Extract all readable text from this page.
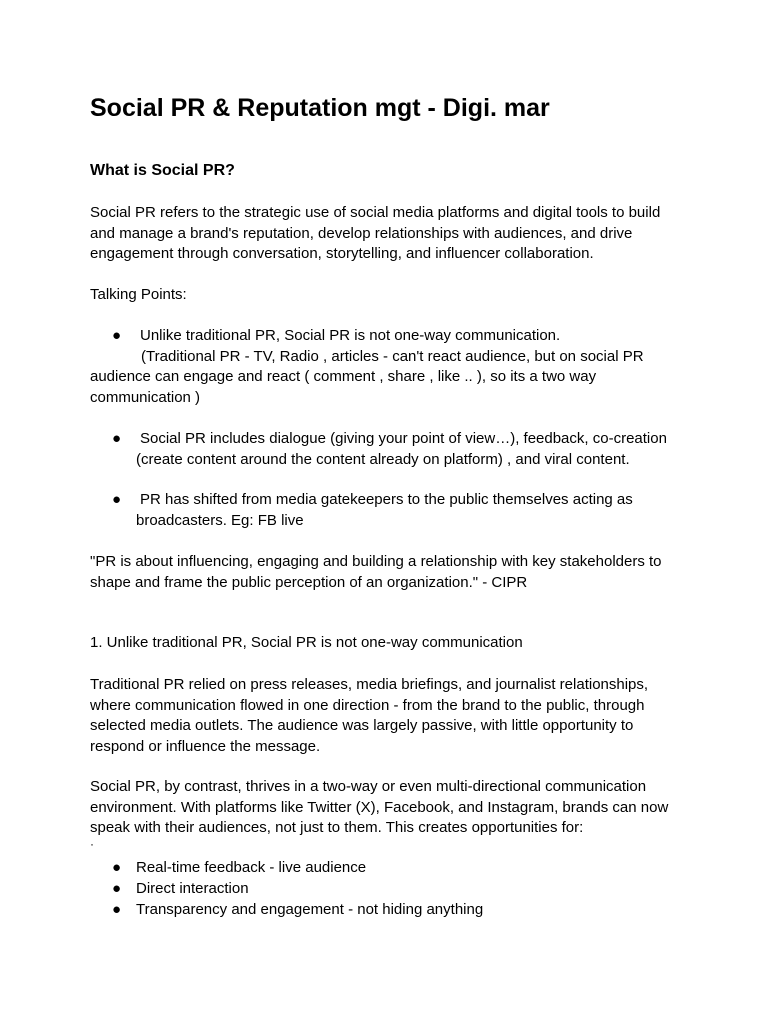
Social PR & Reputation mgt - Digi. mar
What is Social PR?

Social PR refers to the strategic use of social media platforms and digital tools to build
and manage a brand's reputation, develop relationships with audiences, and drive
engagement through conversation, storytelling, and influencer collaboration.

Talking Points:

● Unlike traditional PR, Social PR is not one-way communication.
(Traditional PR - TV, Radio , articles - can't react audience, but on social PR
audience can engage and react ( comment , share , like .. ), so its a two way
communication )
● Social PR includes dialogue (giving your point of view…), feedback, co-creation
(create content around the content already on platform) , and viral content.
● PR has shifted from media gatekeepers to the public themselves acting as
broadcasters. Eg: FB live

"PR is about influencing, engaging and building a relationship with key stakeholders to
shape and frame the public perception of an organization." - CIPR

1. Unlike traditional PR, Social PR is not one-way communication

Traditional PR relied on press releases, media briefings, and journalist relationships,
where communication flowed in one direction - from the brand to the public, through
selected media outlets. The audience was largely passive, with little opportunity to
respond or influence the message.

Social PR, by contrast, thrives in a two-way or even multi-directional communication
environment. With platforms like Twitter (X), Facebook, and Instagram, brands can now
speak with their audiences, not just to them. This creates opportunities for:

·
● Real-time feedback - live audience
● Direct interaction
● Transparency and engagement - not hiding anything
